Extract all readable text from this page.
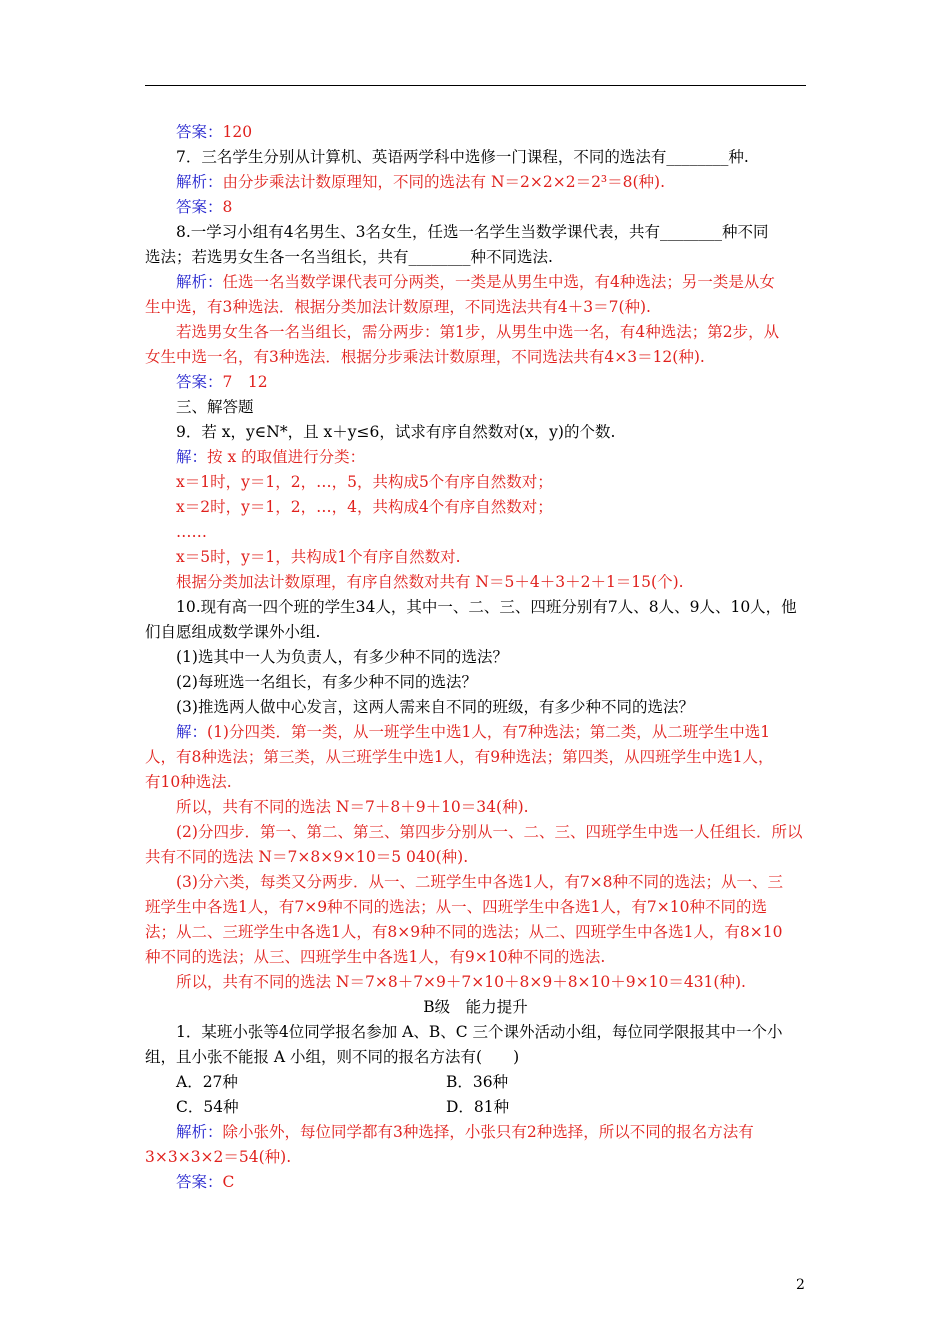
答案：120
7．三名学生分别从计算机、英语两学科中选修一门课程，不同的选法有________种.
解析：由分步乘法计数原理知，不同的选法有 N＝2×2×2＝2³＝8(种).
答案：8
8.一学习小组有4名男生、3名女生，任选一名学生当数学课代表，共有________种不同
选法；若选男女生各一名当组长，共有________种不同选法.
解析：任选一名当数学课代表可分两类，一类是从男生中选，有4种选法；另一类是从女
生中选，有3种选法．根据分类加法计数原理，不同选法共有4＋3＝7(种).
若选男女生各一名当组长，需分两步：第1步，从男生中选一名，有4种选法；第2步，从
女生中选一名，有3种选法．根据分步乘法计数原理，不同选法共有4×3＝12(种).
答案：7　12
三、解答题
9．若 x，y∈N*，且 x＋y≤6，试求有序自然数对(x，y)的个数.
解：按 x 的取值进行分类：
x＝1时，y＝1，2，…，5，共构成5个有序自然数对；
x＝2时，y＝1，2，…，4，共构成4个有序自然数对；
……
x＝5时，y＝1，共构成1个有序自然数对.
根据分类加法计数原理，有序自然数对共有 N＝5＋4＋3＋2＋1＝15(个).
10.现有高一四个班的学生34人，其中一、二、三、四班分别有7人、8人、9人、10人，他
们自愿组成数学课外小组.
(1)选其中一人为负责人，有多少种不同的选法？
(2)每班选一名组长，有多少种不同的选法？
(3)推选两人做中心发言，这两人需来自不同的班级，有多少种不同的选法？
解：(1)分四类．第一类，从一班学生中选1人，有7种选法；第二类，从二班学生中选1
人，有8种选法；第三类，从三班学生中选1人，有9种选法；第四类，从四班学生中选1人，
有10种选法.
所以，共有不同的选法 N＝7＋8＋9＋10＝34(种).
(2)分四步．第一、第二、第三、第四步分别从一、二、三、四班学生中选一人任组长．所以
共有不同的选法 N＝7×8×9×10＝5 040(种).
(3)分六类，每类又分两步．从一、二班学生中各选1人，有7×8种不同的选法；从一、三
班学生中各选1人，有7×9种不同的选法；从一、四班学生中各选1人，有7×10种不同的选
法；从二、三班学生中各选1人，有8×9种不同的选法；从二、四班学生中各选1人，有8×10
种不同的选法；从三、四班学生中各选1人，有9×10种不同的选法.
所以，共有不同的选法 N＝7×8＋7×9＋7×10＋8×9＋8×10＋9×10＝431(种).
B级　能力提升
1．某班小张等4位同学报名参加 A、B、C 三个课外活动小组，每位同学限报其中一个小
组，且小张不能报 A 小组，则不同的报名方法有(　　)
A．27种	B．36种
C．54种	D．81种
解析：除小张外，每位同学都有3种选择，小张只有2种选择，所以不同的报名方法有
3×3×3×2＝54(种).
答案：C
2
